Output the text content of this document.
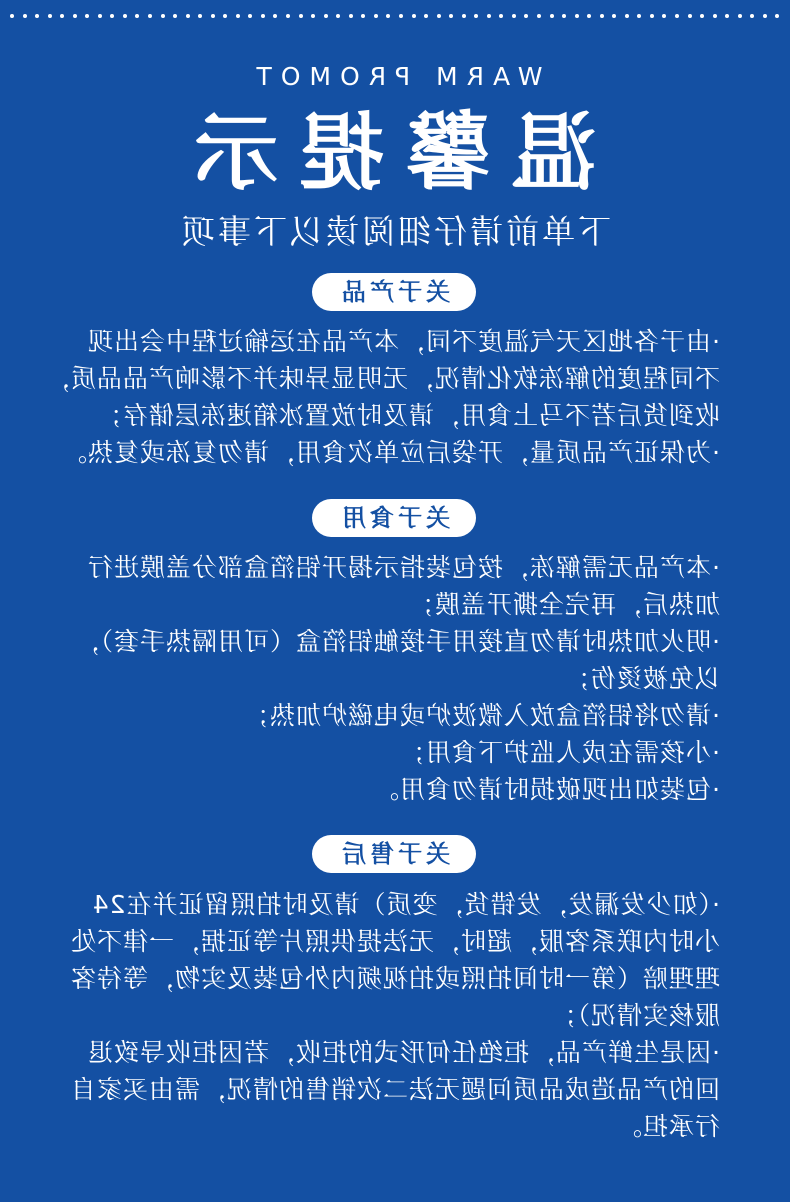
WARM PROMOT
温馨提示
下单前请仔细阅读以下事项
关于产品
·由于各地区天气温度不同，本产品在运输过程中会出现
不同程度的解冻软化情况，无明显异味并不影响产品品质，
收到货后若不马上食用，请及时放置冰箱速冻层储存；
·为保证产品质量，开袋后应单次食用，请勿复冻或复热。
关于食用
·本产品无需解冻，按包装指示揭开铝箔盒部分盖膜进行
加热后，再完全撕开盖膜；
·明火加热时请勿直接用手接触铝箔盒（可用隔热手套），
以免被烫伤；
·请勿将铝箔盒放入微波炉或电磁炉加热；
·小孩需在成人监护下食用；
·包装如出现破损时请勿食用。
关于售后
·（如少发漏发，发错货，变质）请及时拍照留证并在24
小时内联系客服，超时，无法提供照片等证据，一律不处
理理赔（第一时间拍照或拍视频内外包装及实物，等待客
服核实情况）；
·因是生鲜产品，拒绝任何形式的拒收，若因拒收导致退
回的产品造成品质问题无法二次销售的情况，需由买家自
行承担。
